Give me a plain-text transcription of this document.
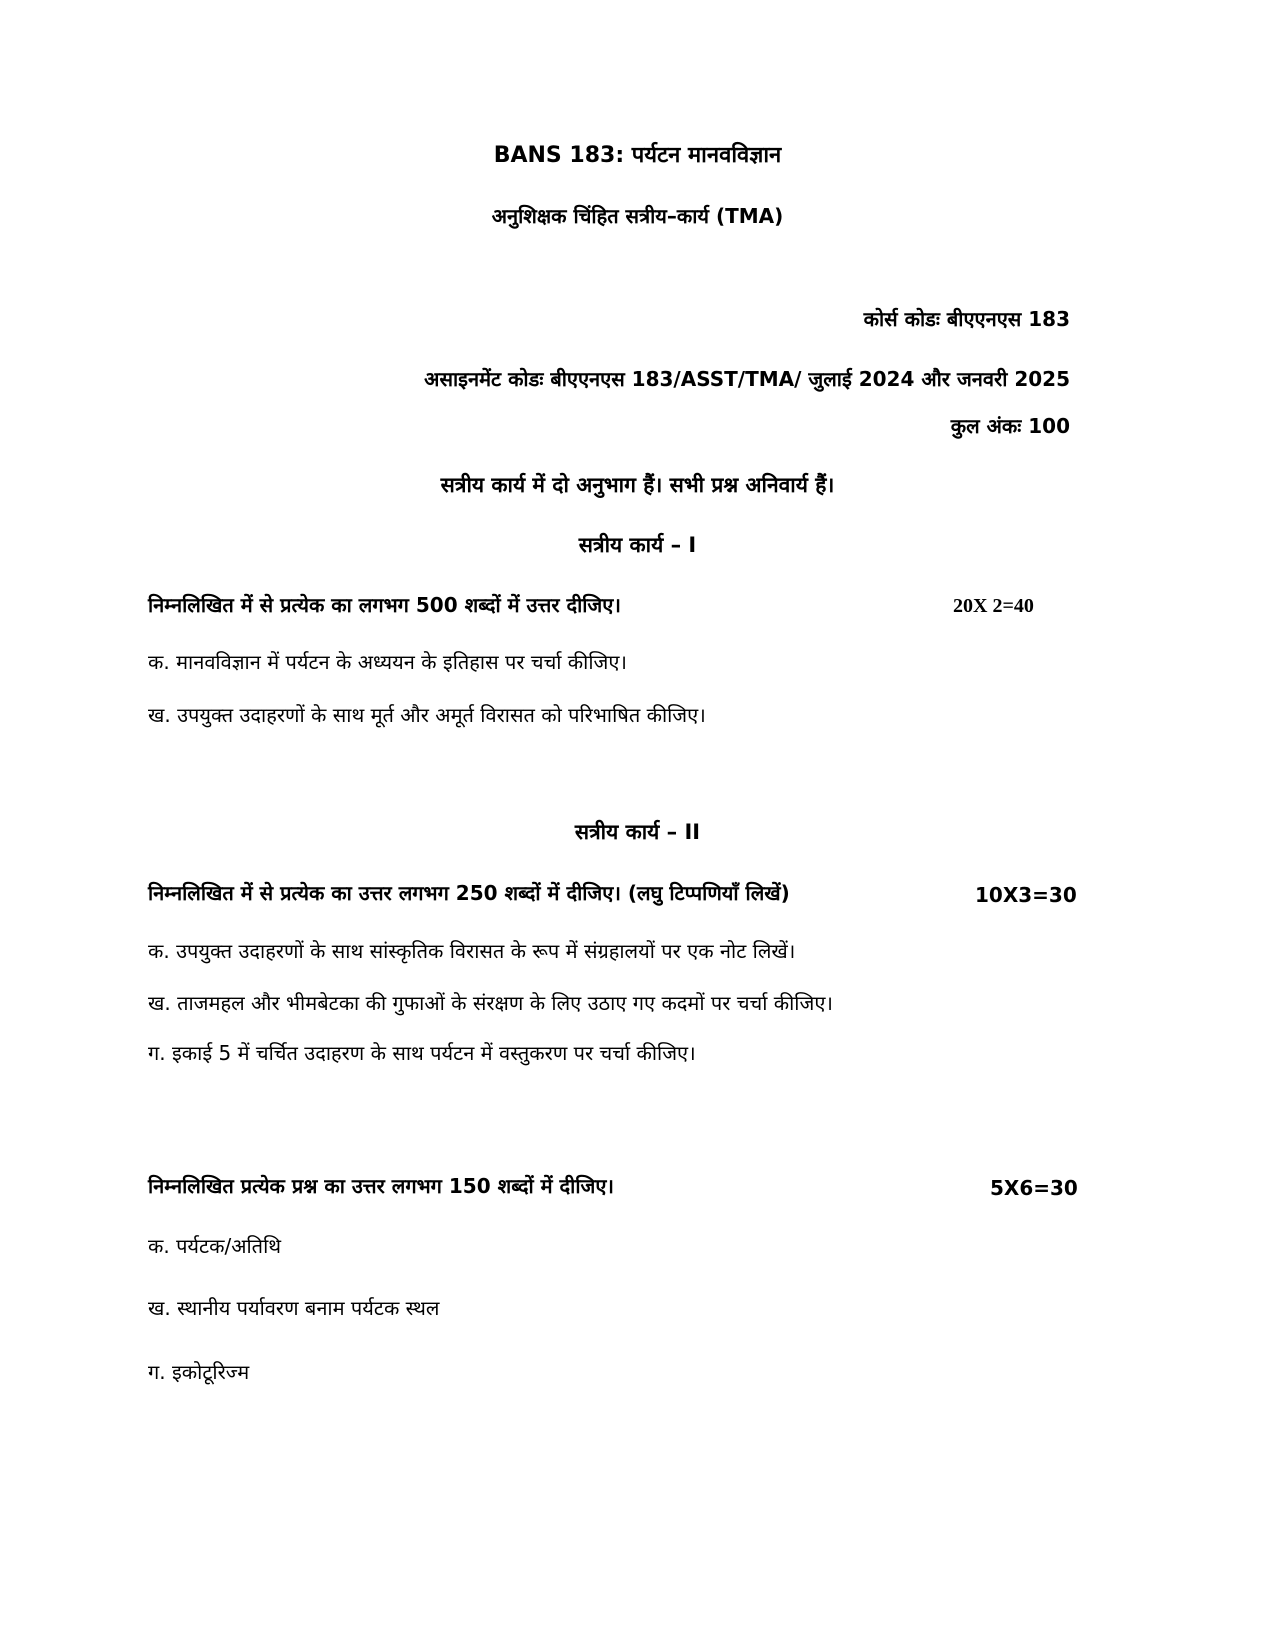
BANS 183: पर्यटन मानवविज्ञान
अनुशिक्षक चिंहित सत्रीय–कार्य (TMA)
कोर्स कोडः बीएएनएस 183
असाइनमेंट कोडः बीएएनएस 183/ASST/TMA/ जुलाई 2024 और जनवरी 2025
कुल अंकः 100
सत्रीय कार्य में दो अनुभाग हैं। सभी प्रश्न अनिवार्य हैं।
सत्रीय कार्य – I
निम्नलिखित में से प्रत्येक का लगभग 500 शब्दों में उत्तर दीजिए।	20X 2=40
क. मानवविज्ञान में पर्यटन के अध्ययन के इतिहास पर चर्चा कीजिए।
ख. उपयुक्त उदाहरणों के साथ मूर्त और अमूर्त विरासत को परिभाषित कीजिए।
सत्रीय कार्य – II
निम्नलिखित में से प्रत्येक का उत्तर लगभग 250 शब्दों में दीजिए। (लघु टिप्पणियाँ लिखें)	10X3=30
क. उपयुक्त उदाहरणों के साथ सांस्कृतिक विरासत के रूप में संग्रहालयों पर एक नोट लिखें।
ख. ताजमहल और भीमबेटका की गुफाओं के संरक्षण के लिए उठाए गए कदमों पर चर्चा कीजिए।
ग. इकाई 5 में चर्चित उदाहरण के साथ पर्यटन में वस्तुकरण पर चर्चा कीजिए।
निम्नलिखित प्रत्येक प्रश्न का उत्तर लगभग 150 शब्दों में दीजिए।	5X6=30
क. पर्यटक/अतिथि
ख. स्थानीय पर्यावरण बनाम पर्यटक स्थल
ग. इकोटूरिज्म
